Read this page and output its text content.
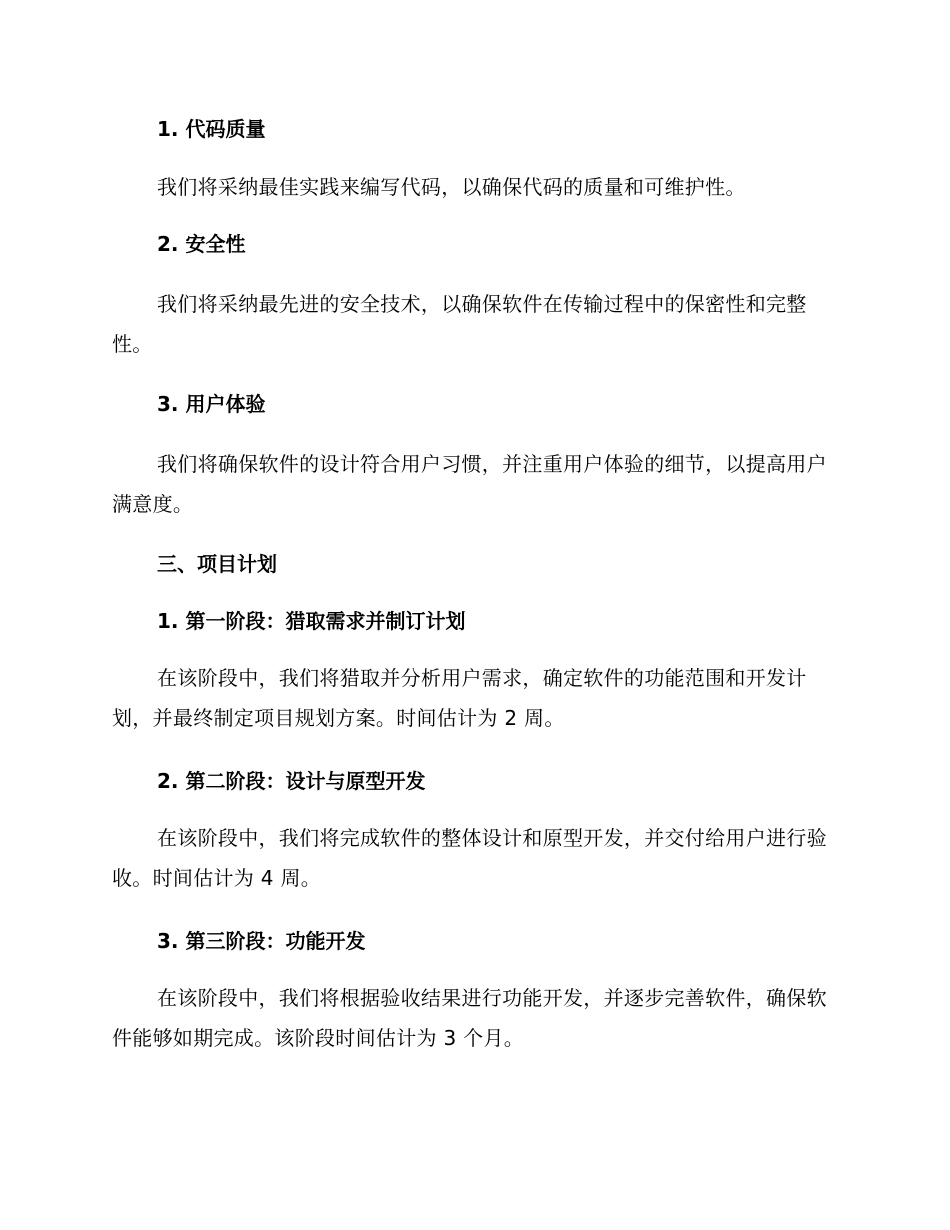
1. 代码质量
我们将采纳最佳实践来编写代码，以确保代码的质量和可维护性。
2. 安全性
我们将采纳最先进的安全技术，以确保软件在传输过程中的保密性和完整性。
3. 用户体验
我们将确保软件的设计符合用户习惯，并注重用户体验的细节，以提高用户满意度。
三、项目计划
1. 第一阶段：猎取需求并制订计划
在该阶段中，我们将猎取并分析用户需求，确定软件的功能范围和开发计划，并最终制定项目规划方案。时间估计为 2 周。
2. 第二阶段：设计与原型开发
在该阶段中，我们将完成软件的整体设计和原型开发，并交付给用户进行验收。时间估计为 4 周。
3. 第三阶段：功能开发
在该阶段中，我们将根据验收结果进行功能开发，并逐步完善软件，确保软件能够如期完成。该阶段时间估计为 3 个月。
